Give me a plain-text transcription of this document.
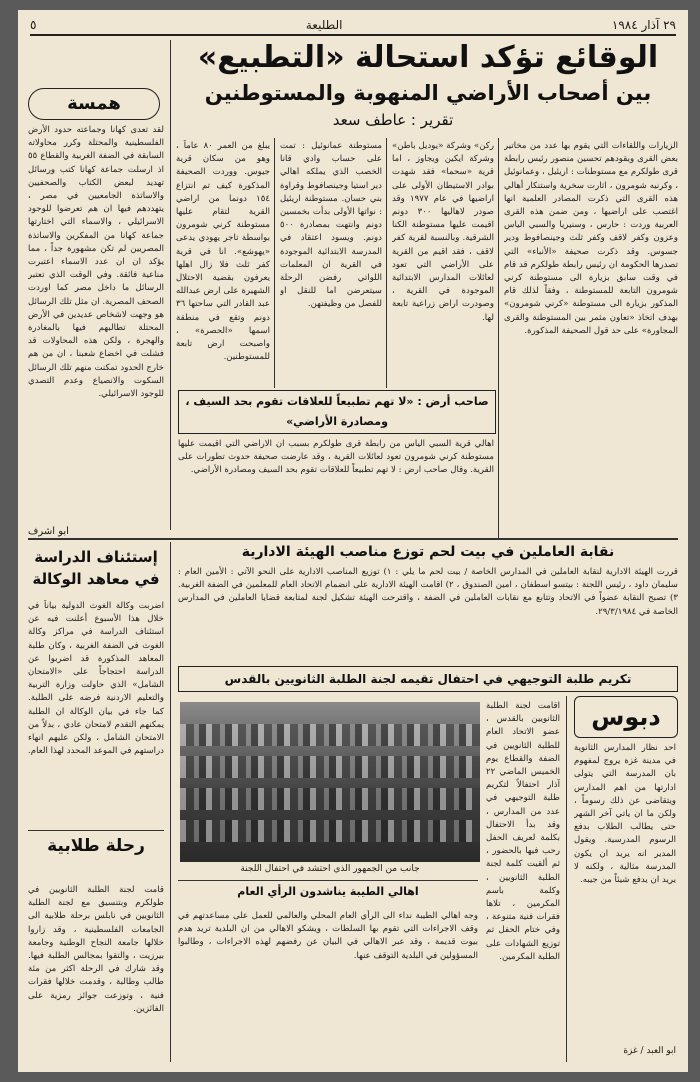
٢٩ آذار ١٩٨٤
الطليعة
٥
الوقائع تؤكد استحالة «التطبيع»
بين أصحاب الأراضي المنهوبة والمستوطنين
تقرير : عاطف سعد
همسة
الزيارات واللقاءات التي يقوم بها عدد من مخاتير بعض القرى ويقودهم تحسين منصور رئيس رابطة قرى طولكرم مع مستوطنات : اريئيل ، وعمانوئيل ، وكرنيه شومرون ، اثارت سخرية واستنكار أهالي هذه القرى التي ذكرت المصادر العلمية انها اغتصب على اراضيها ، ومن ضمن هذه القرى العربية وردت : حارس ، وسنيريا والسبي الياس وعزون وكفر لاقف وكفر ثلث وجينصافوط ودير جسوس. وقد ذكرت صحيفة «الأنباء» التي تصدرها الحكومة ان رئيس رابطة طولكرم قد قام في وقت سابق بزيارة الى مستوطنة كرني شومرون التابعة للمستوطنة ، وفقاً لذلك قام المذكور بزيارة الى مستوطنة «كرني شومرون» بهدف اتخاذ «تعاون مثمر بين المستوطنة والقرى المجاورة» على حد قول الصحيفة المذكورة.
ركن» وشركة «يوديل باطن» وشركة ايكين ويجاوز ، اما قرية «سحما» فقد شهدت بوادر الاستيطان الأولى على اراضيها في عام ١٩٧٧ وقد صودر لاهاليها ٣٠٠ دونم اقيمت عليها مستوطنة الكنا الشرقية. وبالنسبة لقرية كفر لاقف ، فقد اقيم من القرية على الأراضي التي تعود لعائلات المدارس الابتدائية الموجودة في القرية ، وصودرت اراض زراعية تابعة لها.
مستوطنة عمانوئيل : تمت على حساب وادي قانا الخصب الذي يملكه اهالي دير استيا وجينصافوط وقراوة بني حسان. مستوطنة اريئيل : نواتها الأولى بدأت بخمسين دونم وانتهت بمصادرة ٥٠٠ دونم. ويسود اعتقاد في المدرسة الابتدائية الموجودة في القرية ان المعلمات اللواتي رفضن الرحلة سيتعرضن اما للنقل او للفصل من وظيفتهن.
يبلغ من العمر ٨٠ عاماً ، وهو من سكان قرية جيوس. ووردت الصحيفة المذكورة كيف تم انتزاع ١٥٤ دونما من اراضي القرية لتقام عليها مستوطنة كرني شومرون بواسطة تاجر يهودي يدعى «يهوشع». انا في قرية كفر ثلث فلا زال اهلها يعرفون بقضية الاحتلال الشهيرة على ارض عبدالله عبد القادر التي ساحتها ٣٦ دونم وتقع في منطقة اسمها «الحصرة» ، واصبحت ارض تابعة للمستوطنين.
صاحب أرض : «لا تهم تطبيعاً للعلاقات تقوم بحد السيف ، ومصادرة الأراضي»
اهالي قرية السبي الياس من رابطة قرى طولكرم بسبب ان الاراضي التي اقيمت عليها مستوطنة كرني شومرون تعود لعائلات القرية ، وقد عارضت صحيفة حدوث تطورات على القرية. وقال صاحب ارض : لا تهم تطبيعاً للعلاقات تقوم بحد السيف ومصادرة الأراضي.
لقد تعدى كهانا وجماعته حدود الأرض الفلسطينية والمحتلة وكرر محاولاته السابقة في الضفة الغربية والقطاع ٥٥ اذ ارسلت جماعة كهانا كتب ورسائل تهديد لبعض الكتاب والصحفيين والاساتذة الجامعيين في مصر ، يتهددهم فيها ان هم تعرضوا للوجود الاسرائيلي ، والاسماء التي اختارتها جماعة كهانا من المفكرين والاساتذة المصريين لم تكن مشهورة جداً ، مما يؤكد ان ان عدد الاسماء اعتبرت مناعية فائقة. وفي الوقت الذي تعتبر الرسائل ما داخل مصر كما اوردت الصحف المصرية. ان مثل تلك الرسائل هو وجهت لاشخاص عديدين في الأرض المحتلة تطالبهم فيها بالمغادرة والهجرة ، ولكن هذه المحاولات قد فشلت في اخضاع شعبنا ، ان من هم خارج الحدود تمكنت منهم تلك الرسائل السكوت والانصياع وعدم التصدي للوجود الاسرائيلي.
ابو اشرف
نقابة العاملين في بيت لحم توزع مناصب الهيئة الادارية
قررت الهيئة الادارية لنقابة العاملين في المدارس الخاصة / بيت لحم ما يلي : ١) توزيع المناصب الادارية على النحو الآتي : الأمين العام : سليمان داود ، رئيس اللجنة : بيتسو اسطفان ، امين الصندوق ، ٢) اقامت الهيئة الادارية على انضمام الاتحاد العام للمعلمين في الضفة الغربية. ٣) تصبح النقابة عضواً في الاتحاد وتتابع مع نقابات العاملين في الضفة ، واقترحت الهيئة تشكيل لجنة لمتابعة قضايا العاملين في المدارس الخاصة في ٢٩/٣/١٩٨٤.
إستئناف الدراسة في معاهد الوكالة
اضربت وكالة الغوث الدولية بياناً في خلال هذا الأسبوع أعلنت فيه عن استئناف الدراسة في مراكز وكالة الغوث في الضفة الغربية ، وكان طلبة المعاهد المذكورة قد اضربوا عن الدراسة احتجاجاً على «الامتحان الشامل» الذي حاولت وزارة التربية والتعليم الاردنية فرضه على الطلبة. كما جاء في بيان الوكالة ان الطلبة يمكنهم التقدم لامتحان عادي ، بدلاً من الامتحان الشامل ، ولكن عليهم انهاء دراستهم في الموعد المحدد لهذا العام.
رحلة طلابية
قامت لجنة الطلبة الثانويين في طولكرم وبتنسيق مع لجنة الطلبة الثانويين في نابلس برحلة طلابية الى الجامعات الفلسطينية ، وقد زاروا خلالها جامعة النجاح الوطنية وجامعة بيرزيت ، والتقوا بمجالس الطلبة فيها. وقد شارك في الرحلة اكثر من مئة طالب وطالبة ، وقدمت خلالها فقرات فنية ، وتوزعت جوائز رمزية على الفائزين.
تكريم طلبة التوجيهي في احتفال تقيمه لجنة الطلبة الثانويين بالقدس
جانب من الجمهور الذي احتشد في احتفال اللجنة
اقامت لجنة الطلبة الثانويين بالقدس ، عضو الاتحاد العام للطلبة الثانويين في الضفة والقطاع يوم الخميس الماضي ٢٢ آذار احتفالاً لتكريم طلبة التوجيهي في عدد من المدارس ، وقد بدأ الاحتفال بكلمة لعريف الحفل رحب فيها بالحضور ، ثم ألقيت كلمة لجنة الطلبة الثانويين ، وكلمة باسم المكرمين ، تلاها فقرات فنية متنوعة ، وفي ختام الحفل تم توزيع الشهادات على الطلبة المكرمين.
دبوس
احد نظار المدارس الثانوية في مدينة غزة يروج لمفهوم بان المدرسة التي يتولى ادارتها من اهم المدارس ويتقاضى عن ذلك رسوماً ، ولكن ما ان ياتي آخر الشهر حتى يطالب الطلاب بدفع الرسوم المدرسية. ويقول المدير انه يريد ان يكون المدرسة مثالية ، ولكنه لا يريد ان يدفع شيئاً من جيبه.
ابو العبد / غزة
اهالي الطيبة يناشدون الرأي العام
وجه اهالي الطيبة نداء الى الرأي العام المحلي والعالمي للعمل على مساعدتهم في وقف الاجراءات التي تقوم بها السلطات ، ويشكو الاهالي من ان البلدية تريد هدم بيوت قديمة ، وقد عبر الاهالي في البيان عن رفضهم لهذه الاجراءات ، وطالبوا المسؤولين في البلدية التوقف عنها.
